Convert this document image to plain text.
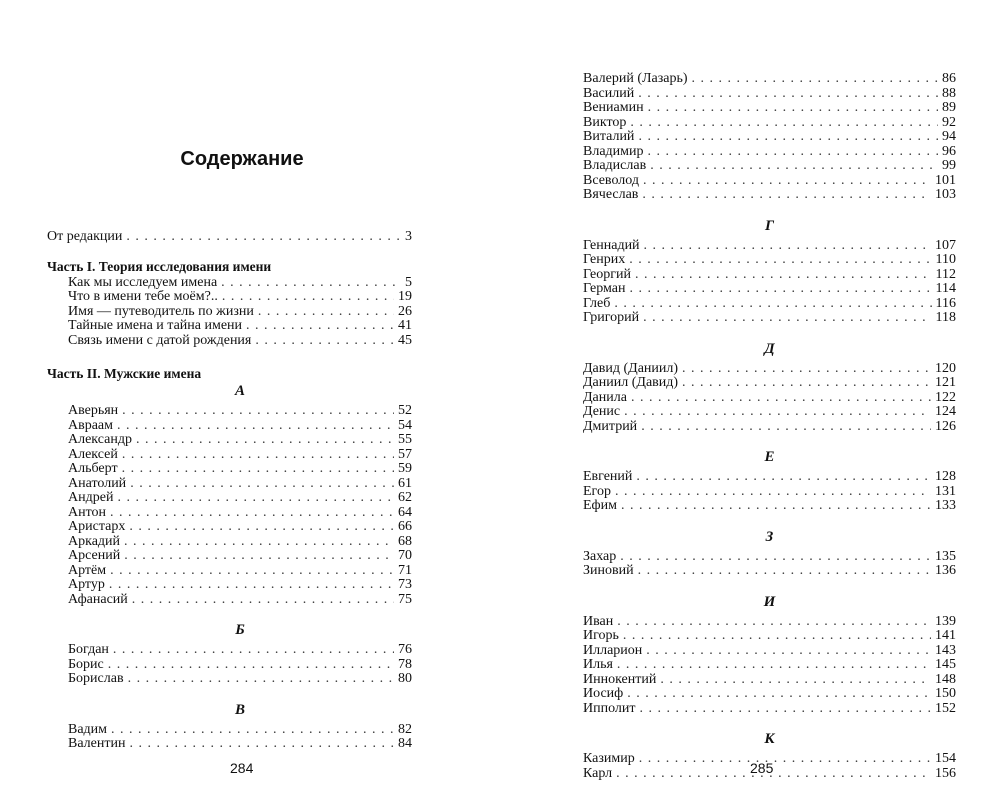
Содержание
От редакции . . .	3
Часть I. Теория исследования имени
Как мы исследуем имена . . .	5
Что в имени тебе моём?.. . . .	19
Имя — путеводитель по жизни . . .	26
Тайные имена и тайна имени . . .	41
Связь имени с датой рождения . . .	45
Часть II. Мужские имена
А
Аверьян . . .	52
Авраам . . .	54
Александр . . .	55
Алексей . . .	57
Альберт . . .	59
Анатолий . . .	61
Андрей . . .	62
Антон . . .	64
Аристарх . . .	66
Аркадий . . .	68
Арсений . . .	70
Артём . . .	71
Артур . . .	73
Афанасий . . .	75
Б
Богдан . . .	76
Борис . . .	78
Борислав . . .	80
В
Вадим . . .	82
Валентин . . .	84
284
Валерий (Лазарь) . . .	86
Василий . . .	88
Вениамин . . .	89
Виктор . . .	92
Виталий . . .	94
Владимир . . .	96
Владислав . . .	99
Всеволод . . .	101
Вячеслав . . .	103
Г
Геннадий . . .	107
Генрих . . .	110
Георгий . . .	112
Герман . . .	114
Глеб . . .	116
Григорий . . .	118
Д
Давид (Даниил) . . .	120
Даниил (Давид) . . .	121
Данила . . .	122
Денис . . .	124
Дмитрий . . .	126
Е
Евгений . . .	128
Егор . . .	131
Ефим . . .	133
З
Захар . . .	135
Зиновий . . .	136
И
Иван . . .	139
Игорь . . .	141
Илларион . . .	143
Илья . . .	145
Иннокентий . . .	148
Иосиф . . .	150
Ипполит . . .	152
К
Казимир . . .	154
Карл . . .	156
285
